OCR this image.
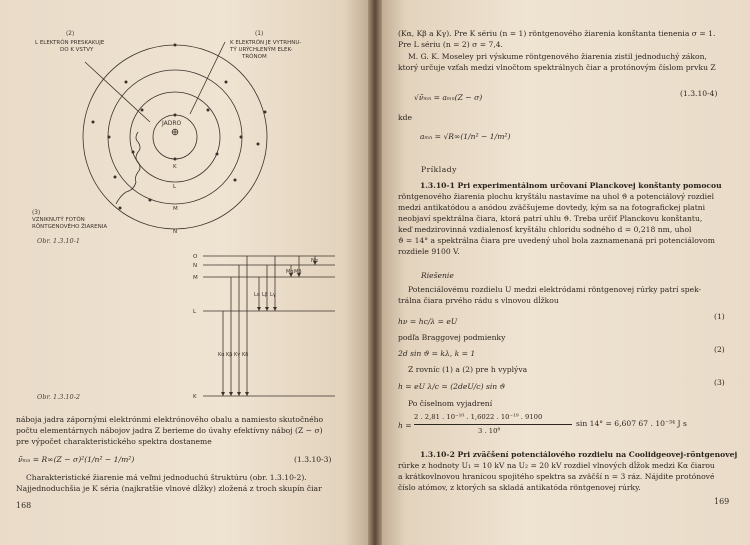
JADRO
K
L
M
N
(2)
L ELEKTRÓN PRESKAKUJE
DO K VSTVY
(1)
K ELEKTRÓN JE VYTRHNU-
TÝ URÝCHLENÝM ELEK-
TRÓNOM
(3)
VZNIKNUTÝ FOTÓN
RÖNTGENOVÉHO ŽIARENIA
Obr. 1.3.10-1
O
N
M
L
K
Kα Kβ Kγ Kδ
Lα Lβ Lγ
Mα Mβ
Nα
Obr. 1.3.10-2
náboja jadra zápornými elektrónmi elektrónového obalu a namiesto skutočného
počtu elementárnych nábojov jadra Z berieme do úvahy efektívny náboj (Z − σ)
pre výpočet charakteristického spektra dostaneme
ν̃ₘₙ = R∞(Z − σ)²(1/n² − 1/m²)	(1.3.10-3)
Charakteristické žiarenie má veľmi jednoduchú štruktúru (obr. 1.3.10-2).
Najjednoduchšia je K séria (najkratšie vlnové dĺžky) zložená z troch skupín čiar
168
(Kα, Kβ a Kγ). Pre K sériu (n = 1) röntgenového žiarenia konštanta tienenia σ = 1.
Pre L sériu (n = 2) σ = 7,4.
M. G. K. Moseley pri výskume röntgenového žiarenia zistil jednoduchý zákon,
ktorý určuje vzťah medzi vlnočtom spektrálnych čiar a protónovým číslom prvku Z
√ν̃ₘₙ = aₘₙ(Z − σ)	(1.3.10-4)
kde
aₘₙ = √R∞(1/n² − 1/m²)
Príklady
1.3.10-1 Pri experimentálnom určovaní Planckovej konštanty pomocou
röntgenového žiarenia plochu kryštálu nastavíme na uhol ϑ a potenciálový rozdiel
medzi antikatódou a anódou zväčšujeme dovtedy, kým sa na fotografickej platni
neobjaví spektrálna čiara, ktorá patrí uhlu ϑ. Treba určiť Planckovu konštantu,
keď medzirovinná vzdialenosť kryštálu chloridu sodného d = 0,218 nm, uhol
ϑ = 14° a spektrálna čiara pre uvedený uhol bola zaznamenaná pri potenciálovom
rozdiele 9100 V.
Riešenie
Potenciálovému rozdielu U medzi elektródami röntgenovej rúrky patrí spek-
trálna čiara prvého rádu s vlnovou dĺžkou
hν = hc/λ = eU
(1)
podľa Braggovej podmienky
2d sin ϑ = kλ, k = 1	(2)
Z rovníc (1) a (2) pre h vyplýva
h = eU λ/c = (2deU/c) sin ϑ	(3)
Po číselnom vyjadrení
h =
2 . 2,81 . 10⁻¹⁰ . 1,6022 . 10⁻¹⁹ . 9100
3 . 10⁸
sin 14° = 6,607 67 . 10⁻³⁴ J s
1.3.10-2 Pri zväčšení potenciálového rozdielu na Coolidgeovej-röntgenovej
rúrke z hodnoty U₁ = 10 kV na U₂ = 20 kV rozdiel vlnových dĺžok medzi Kα čiarou
a krátkovlnovou hranicou spojitého spektra sa zväčší n = 3 ráz. Nájdite protónové
číslo atómov, z ktorých sa skladá antikatóda röntgenovej rúrky.
169
